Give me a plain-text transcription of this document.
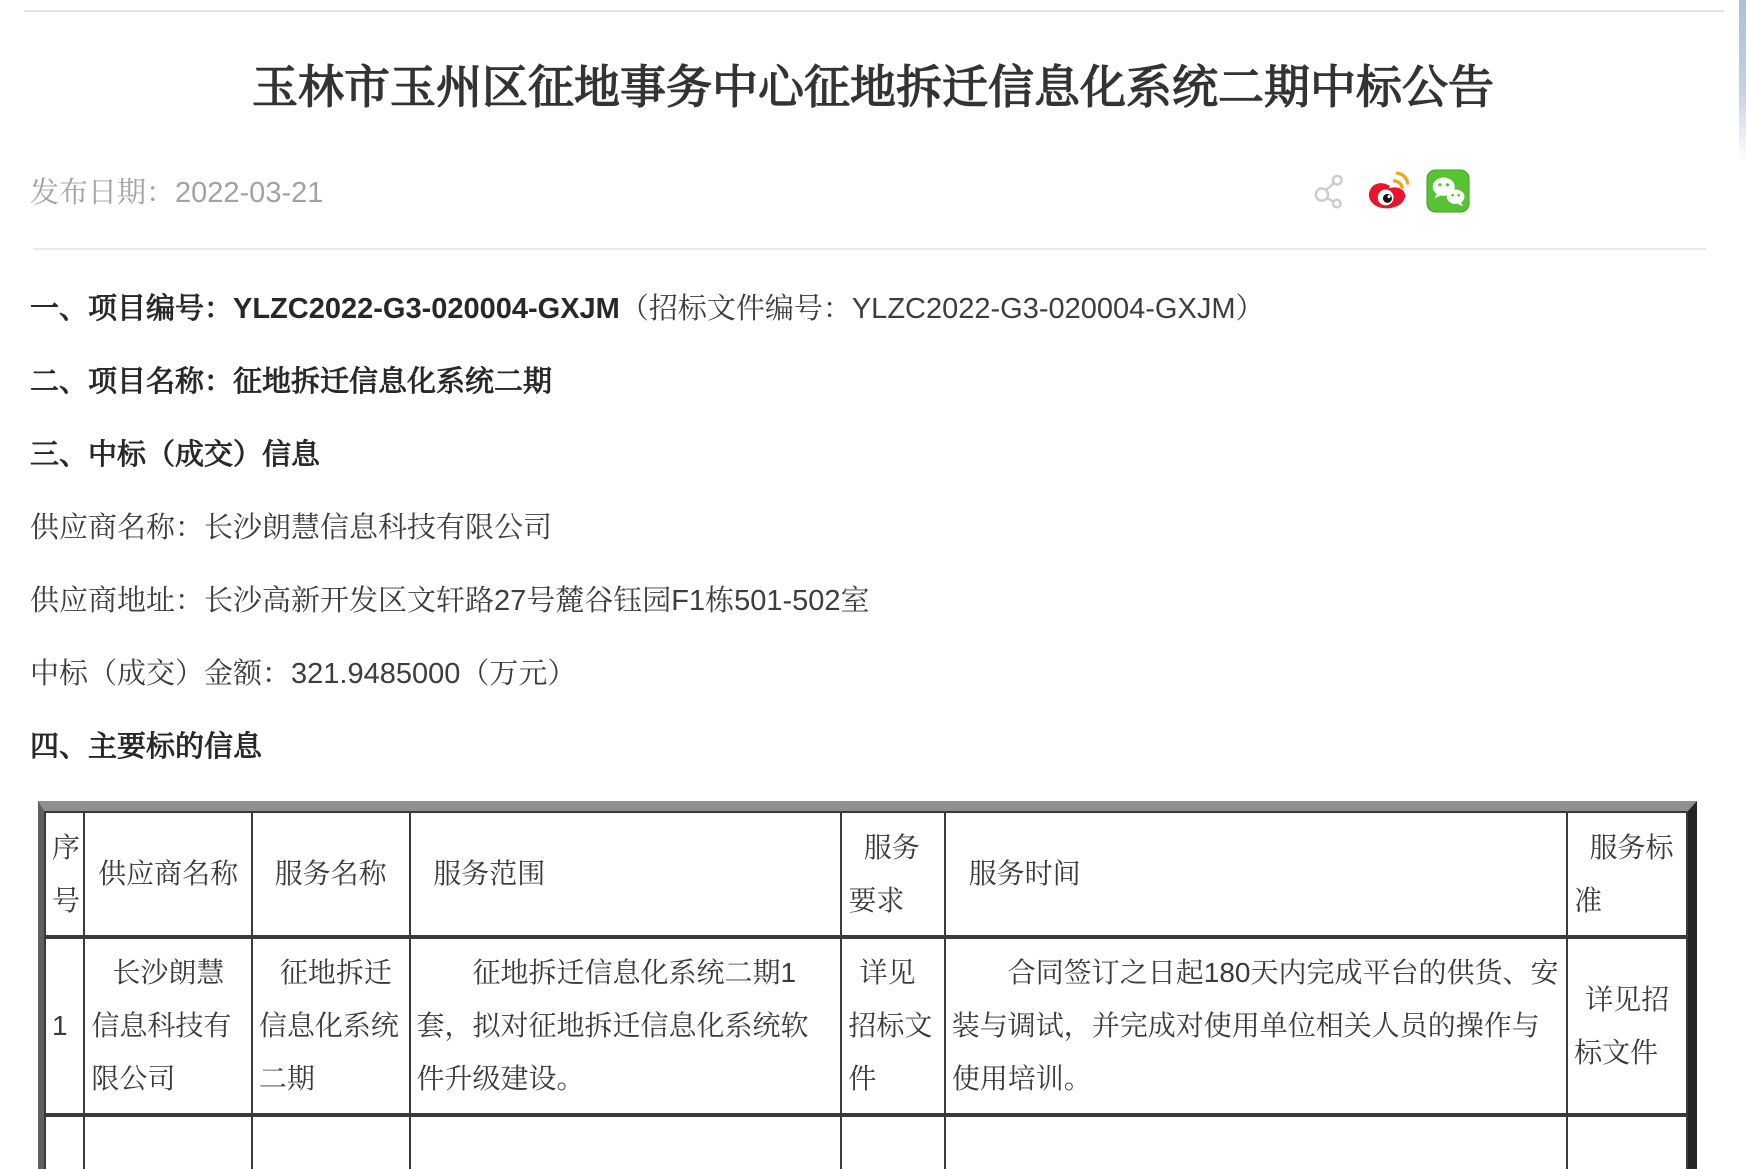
玉林市玉州区征地事务中心征地拆迁信息化系统二期中标公告
发布日期：2022-03-21

一、项目编号：YLZC2022-G3-020004-GXJM（招标文件编号：YLZC2022-G3-020004-GXJM）

二、项目名称：征地拆迁信息化系统二期

三、中标（成交）信息

供应商名称：长沙朗慧信息科技有限公司

供应商地址：长沙高新开发区文轩路27号麓谷钰园F1栋501-502室

中标（成交）金额：321.9485000（万元）

四、主要标的信息

序号	供应商名称	服务名称	服务范围	服务要求	服务时间	服务标准
1	长沙朗慧信息科技有限公司	征地拆迁信息化系统二期	征地拆迁信息化系统二期1套，拟对征地拆迁信息化系统软件升级建设。	详见招标文件	合同签订之日起180天内完成平台的供货、安装与调试，并完成对使用单位相关人员的操作与使用培训。	详见招标文件
